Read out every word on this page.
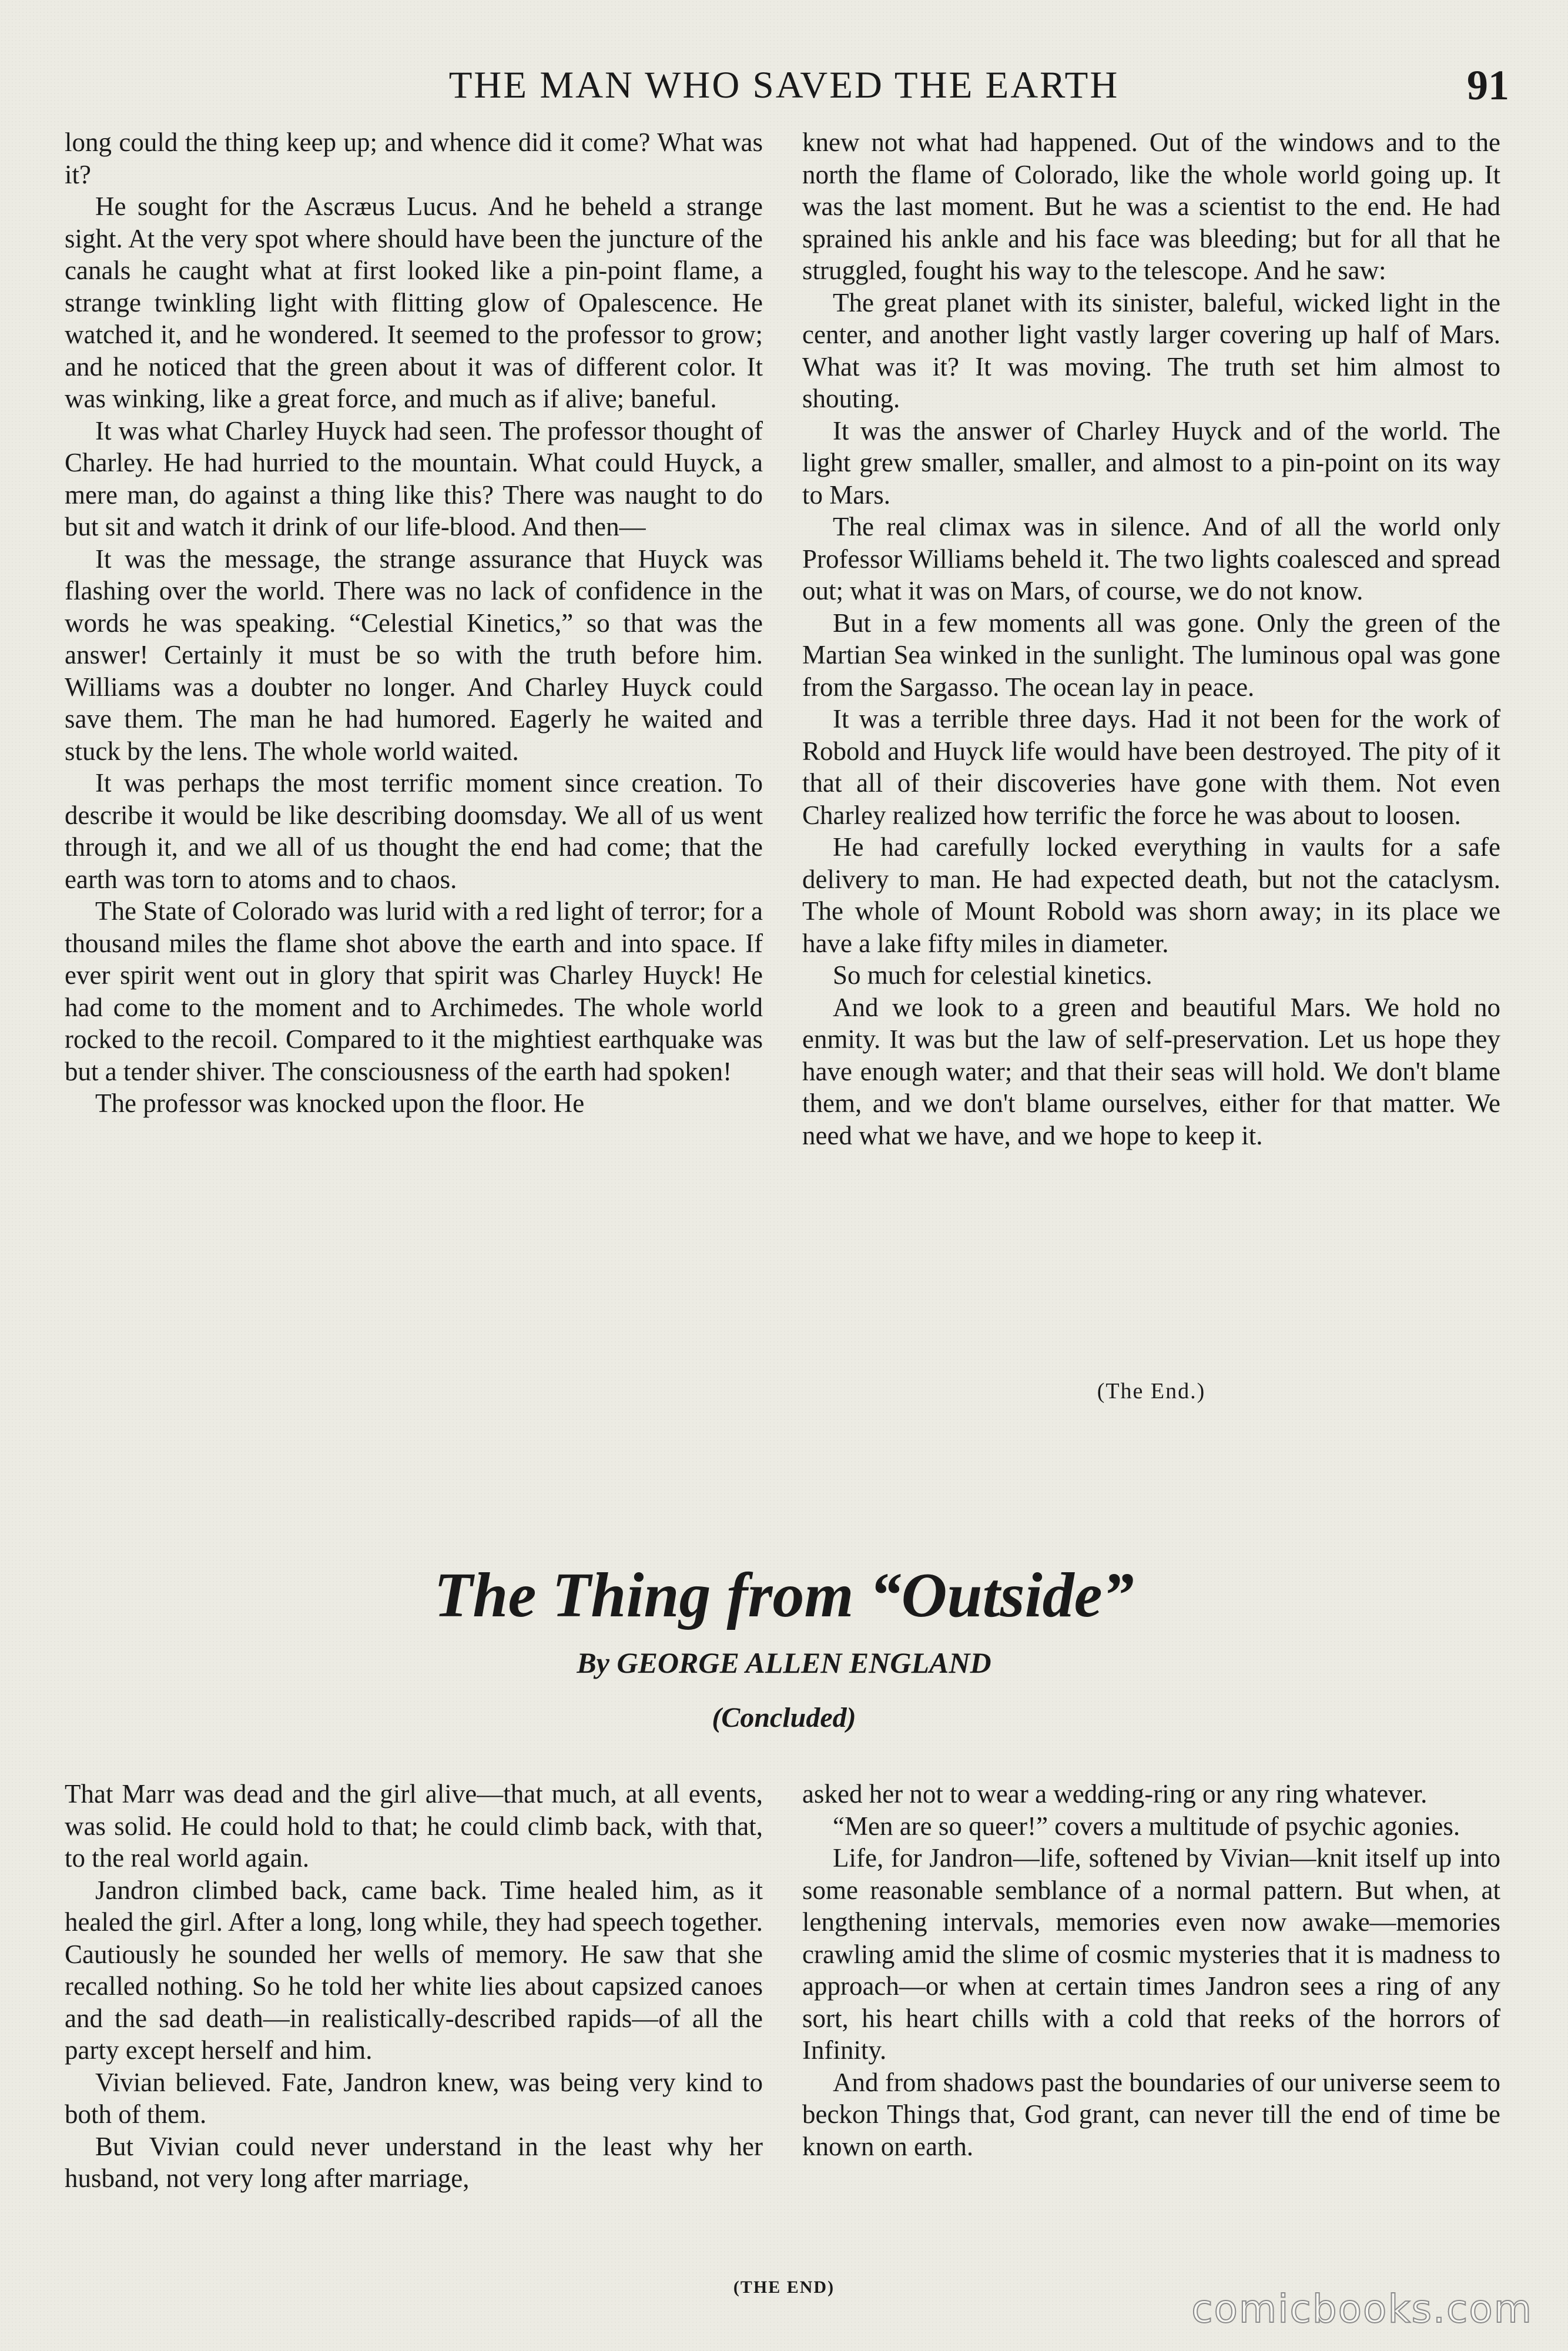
THE MAN WHO SAVED THE EARTH	91

long could the thing keep up; and whence did it come? What was it?

He sought for the Ascræus Lucus. And he beheld a strange sight. At the very spot where should have been the juncture of the canals he caught what at first looked like a pin-point flame, a strange twinkling light with flitting glow of Opalescence. He watched it, and he wondered. It seemed to the professor to grow; and he noticed that the green about it was of different color. It was winking, like a great force, and much as if alive; baneful.

It was what Charley Huyck had seen. The professor thought of Charley. He had hurried to the mountain. What could Huyck, a mere man, do against a thing like this? There was naught to do but sit and watch it drink of our life-blood. And then—

It was the message, the strange assurance that Huyck was flashing over the world. There was no lack of confidence in the words he was speaking. “Celestial Kinetics,” so that was the answer! Certainly it must be so with the truth before him. Williams was a doubter no longer. And Charley Huyck could save them. The man he had humored. Eagerly he waited and stuck by the lens. The whole world waited.

It was perhaps the most terrific moment since creation. To describe it would be like describing doomsday. We all of us went through it, and we all of us thought the end had come; that the earth was torn to atoms and to chaos.

The State of Colorado was lurid with a red light of terror; for a thousand miles the flame shot above the earth and into space. If ever spirit went out in glory that spirit was Charley Huyck! He had come to the moment and to Archimedes. The whole world rocked to the recoil. Compared to it the mightiest earthquake was but a tender shiver. The consciousness of the earth had spoken!

The professor was knocked upon the floor. He

knew not what had happened. Out of the windows and to the north the flame of Colorado, like the whole world going up. It was the last moment. But he was a scientist to the end. He had sprained his ankle and his face was bleeding; but for all that he struggled, fought his way to the telescope. And he saw:

The great planet with its sinister, baleful, wicked light in the center, and another light vastly larger covering up half of Mars. What was it? It was moving. The truth set him almost to shouting.

It was the answer of Charley Huyck and of the world. The light grew smaller, smaller, and almost to a pin-point on its way to Mars.

The real climax was in silence. And of all the world only Professor Williams beheld it. The two lights coalesced and spread out; what it was on Mars, of course, we do not know.

But in a few moments all was gone. Only the green of the Martian Sea winked in the sunlight. The luminous opal was gone from the Sargasso. The ocean lay in peace.

It was a terrible three days. Had it not been for the work of Robold and Huyck life would have been destroyed. The pity of it that all of their discoveries have gone with them. Not even Charley realized how terrific the force he was about to loosen.

He had carefully locked everything in vaults for a safe delivery to man. He had expected death, but not the cataclysm. The whole of Mount Robold was shorn away; in its place we have a lake fifty miles in diameter.

So much for celestial kinetics.

And we look to a green and beautiful Mars. We hold no enmity. It was but the law of self-preservation. Let us hope they have enough water; and that their seas will hold. We don't blame them, and we don't blame ourselves, either for that matter. We need what we have, and we hope to keep it.

(The End.)
The Thing from “Outside”
By GEORGE ALLEN ENGLAND
(Concluded)

That Marr was dead and the girl alive—that much, at all events, was solid. He could hold to that; he could climb back, with that, to the real world again.

Jandron climbed back, came back. Time healed him, as it healed the girl. After a long, long while, they had speech together. Cautiously he sounded her wells of memory. He saw that she recalled nothing. So he told her white lies about capsized canoes and the sad death—in realistically-described rapids—of all the party except herself and him.

Vivian believed. Fate, Jandron knew, was being very kind to both of them.

But Vivian could never understand in the least why her husband, not very long after marriage,

asked her not to wear a wedding-ring or any ring whatever.

“Men are so queer!” covers a multitude of psychic agonies.

Life, for Jandron—life, softened by Vivian—knit itself up into some reasonable semblance of a normal pattern. But when, at lengthening intervals, memories even now awake—memories crawling amid the slime of cosmic mysteries that it is madness to approach—or when at certain times Jandron sees a ring of any sort, his heart chills with a cold that reeks of the horrors of Infinity.

And from shadows past the boundaries of our universe seem to beckon Things that, God grant, can never till the end of time be known on earth.

(THE END)	comicbooks.com
